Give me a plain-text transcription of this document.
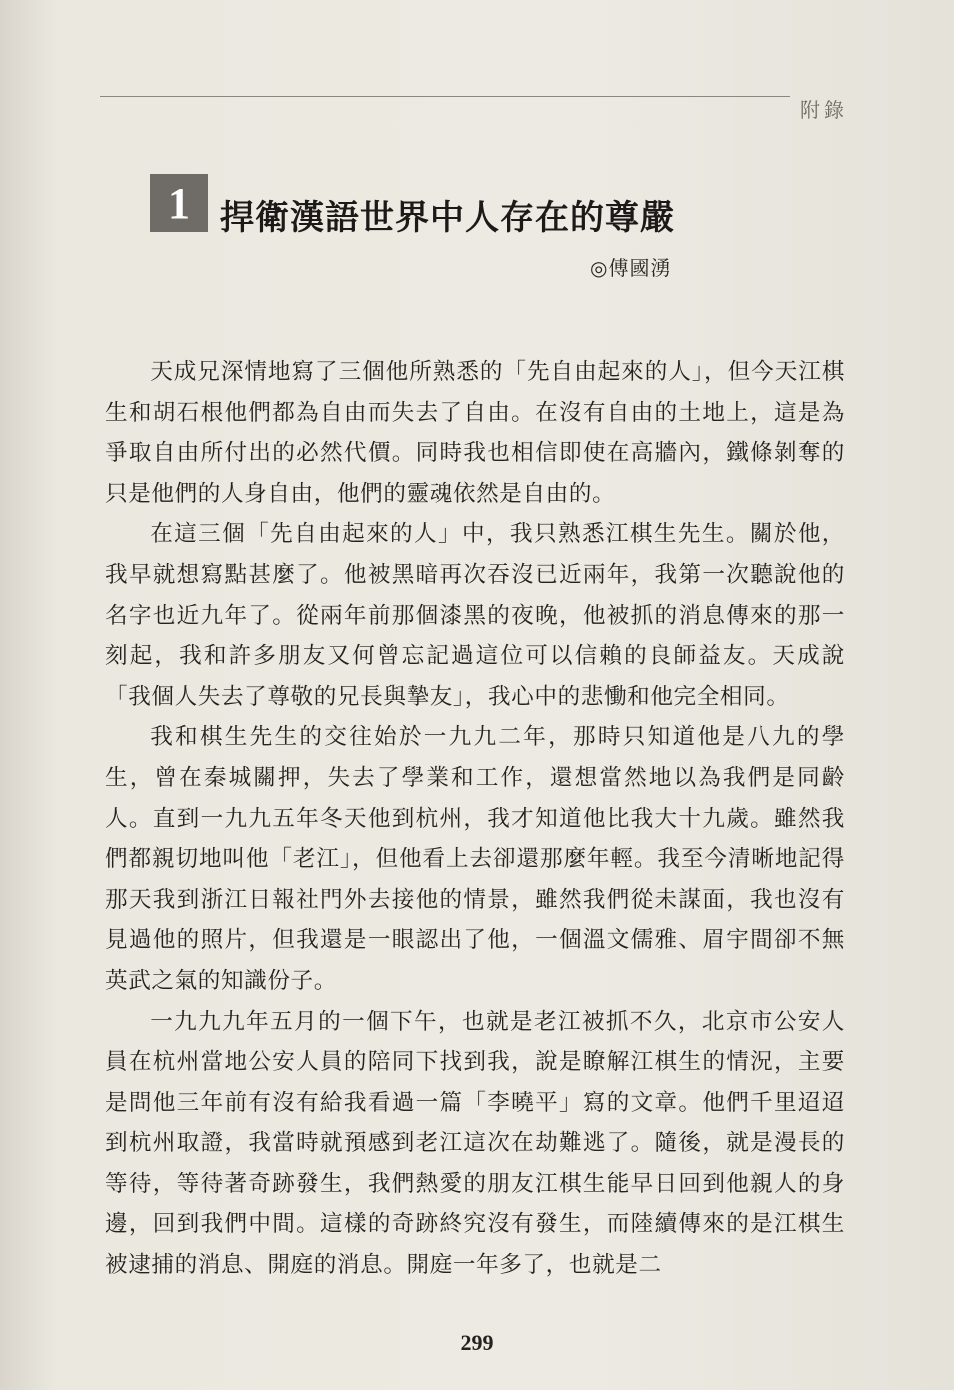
附錄
1 捍衛漢語世界中人存在的尊嚴
◎傅國湧

天成兄深情地寫了三個他所熟悉的「先自由起來的人」，但今天江棋生和胡石根他們都為自由而失去了自由。在沒有自由的土地上，這是為爭取自由所付出的必然代價。同時我也相信即使在高牆內，鐵條剝奪的只是他們的人身自由，他們的靈魂依然是自由的。

在這三個「先自由起來的人」中，我只熟悉江棋生先生。關於他，我早就想寫點甚麼了。他被黑暗再次吞沒已近兩年，我第一次聽說他的名字也近九年了。從兩年前那個漆黑的夜晚，他被抓的消息傳來的那一刻起，我和許多朋友又何曾忘記過這位可以信賴的良師益友。天成說「我個人失去了尊敬的兄長與摯友」，我心中的悲慟和他完全相同。

我和棋生先生的交往始於一九九二年，那時只知道他是八九的學生，曾在秦城關押，失去了學業和工作，還想當然地以為我們是同齡人。直到一九九五年冬天他到杭州，我才知道他比我大十九歲。雖然我們都親切地叫他「老江」，但他看上去卻還那麼年輕。我至今清晰地記得那天我到浙江日報社門外去接他的情景，雖然我們從未謀面，我也沒有見過他的照片，但我還是一眼認出了他，一個溫文儒雅、眉宇間卻不無英武之氣的知識份子。

一九九九年五月的一個下午，也就是老江被抓不久，北京市公安人員在杭州當地公安人員的陪同下找到我，說是瞭解江棋生的情況，主要是問他三年前有沒有給我看過一篇「李曉平」寫的文章。他們千里迢迢到杭州取證，我當時就預感到老江這次在劫難逃了。隨後，就是漫長的等待，等待著奇跡發生，我們熱愛的朋友江棋生能早日回到他親人的身邊，回到我們中間。這樣的奇跡終究沒有發生，而陸續傳來的是江棋生被逮捕的消息、開庭的消息。開庭一年多了，也就是二

299
